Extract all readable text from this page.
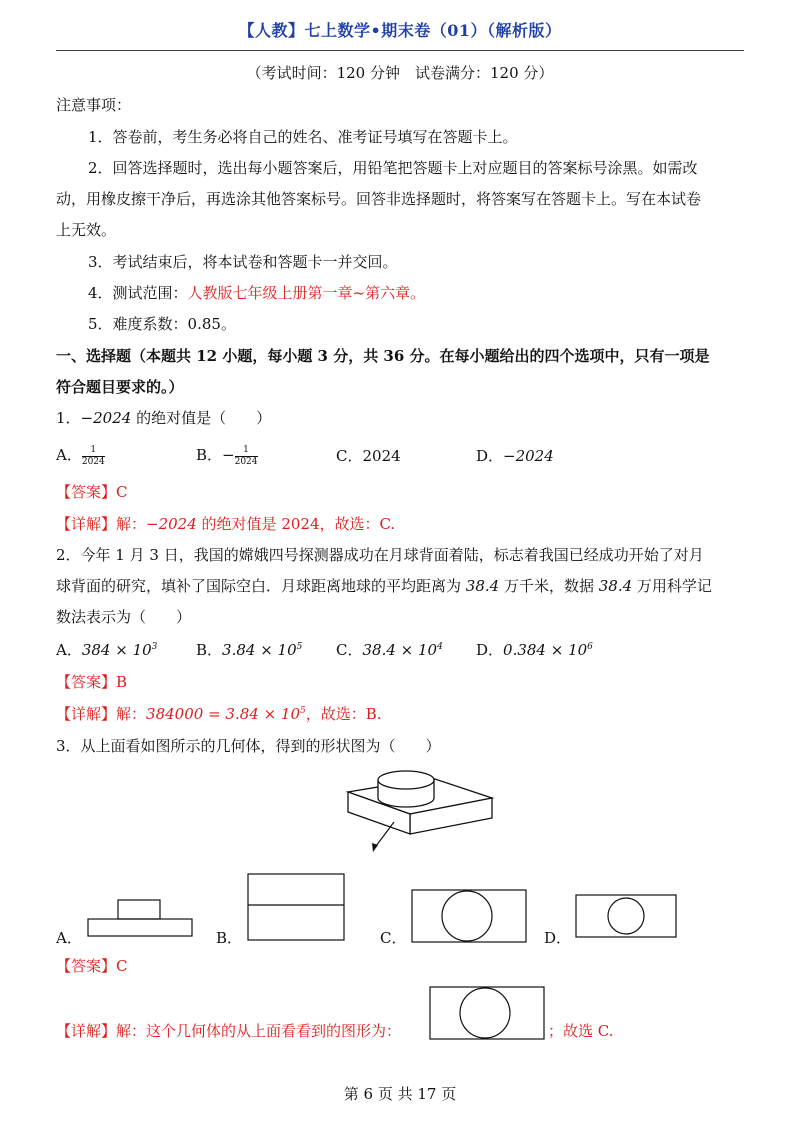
【人教】七上数学•期末卷（01）（解析版）
（考试时间：120 分钟　试卷满分：120 分）
注意事项：
1．答卷前，考生务必将自己的姓名、准考证号填写在答题卡上。
2．回答选择题时，选出每小题答案后，用铅笔把答题卡上对应题目的答案标号涂黑。如需改
动，用橡皮擦干净后，再选涂其他答案标号。回答非选择题时，将答案写在答题卡上。写在本试卷
上无效。
3．考试结束后，将本试卷和答题卡一并交回。
4．测试范围：人教版七年级上册第一章~第六章。
5．难度系数：0.85。
一、选择题（本题共 12 小题，每小题 3 分，共 36 分。在每小题给出的四个选项中，只有一项是
符合题目要求的。）
1．−2024 的绝对值是（　　）
A． $\frac{1}{2024}$	B．− $\frac{1}{2024}$	C．2024	D．−2024
【答案】C
【详解】解：−2024 的绝对值是 2024，故选：C.
2．今年 1 月 3 日，我国的嫦娥四号探测器成功在月球背面着陆，标志着我国已经成功开始了对月
球背面的研究，填补了国际空白．月球距离地球的平均距离为 38.4 万千米，数据 38.4 万用科学记
数法表示为（　　）
A．$384 \times 10^3$	B．$3.84 \times 10^5$ C．$38.4 \times 10^4$ D．$0.384 \times 10^6$
【答案】B
【详解】解：$384000 = 3.84 \times 10^5$，故选：B.
3．从上面看如图所示的几何体，得到的形状图为（　　）
A．	B．	C．	D．
【答案】C
【详解】解：这个几何体的从上面看看到的图形为：	；故选 C.
第 6 页 共 17 页
